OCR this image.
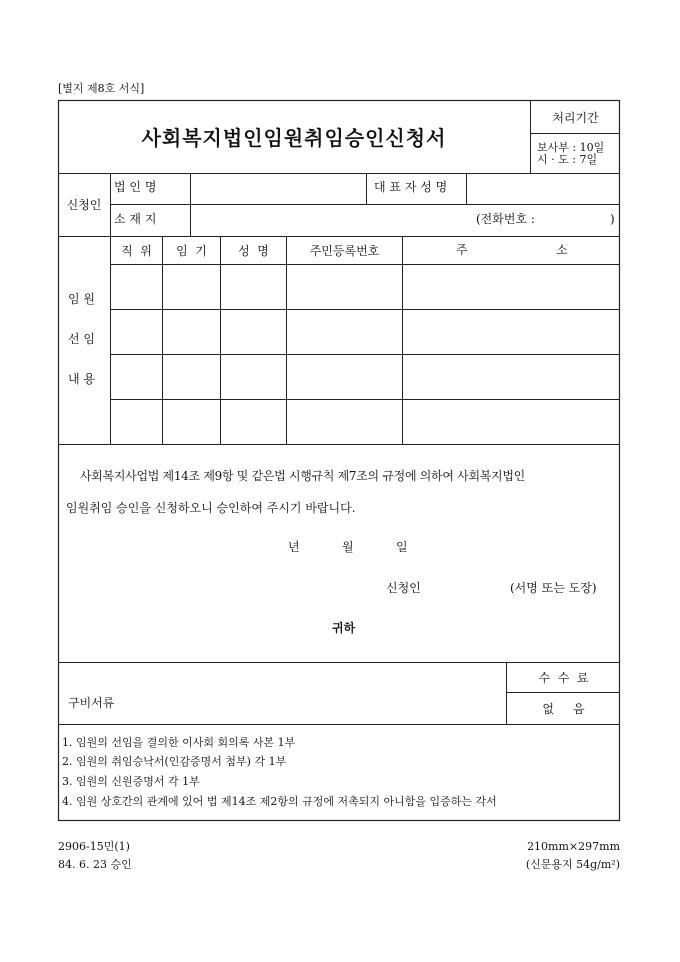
[별지 제8호 서식]
사회복지법인임원취임승인신청서
처리기간
보사부 : 10일
시 · 도 : 7일
신청인
법 인 명	대 표 자 성 명
소 재 지	(전화번호 :	)
임 원
선 임
내 용
직  위	임  기	성  명	주민등록번호	주	소
사회복지사업법 제14조 제9항 및 같은법 시행규칙 제7조의 규정에 의하여 사회복지법인
임원취임 승인을 신청하오니 승인하여 주시기 바랍니다.
년	월	일
신청인	(서명 또는 도장)
귀하
구비서류
수  수  료
없     음
1. 임원의 선임을 결의한 이사회 회의록 사본 1부
2. 임원의 취임승낙서(인감증명서 첨부) 각 1부
3. 임원의 신원증명서 각 1부
4. 임원 상호간의 관계에 있어 법 제14조 제2항의 규정에 저촉되지 아니함을 입증하는 각서
2906-15민(1)
84. 6. 23 승인
210mm×297mm
(신문용지 54g/m²)
